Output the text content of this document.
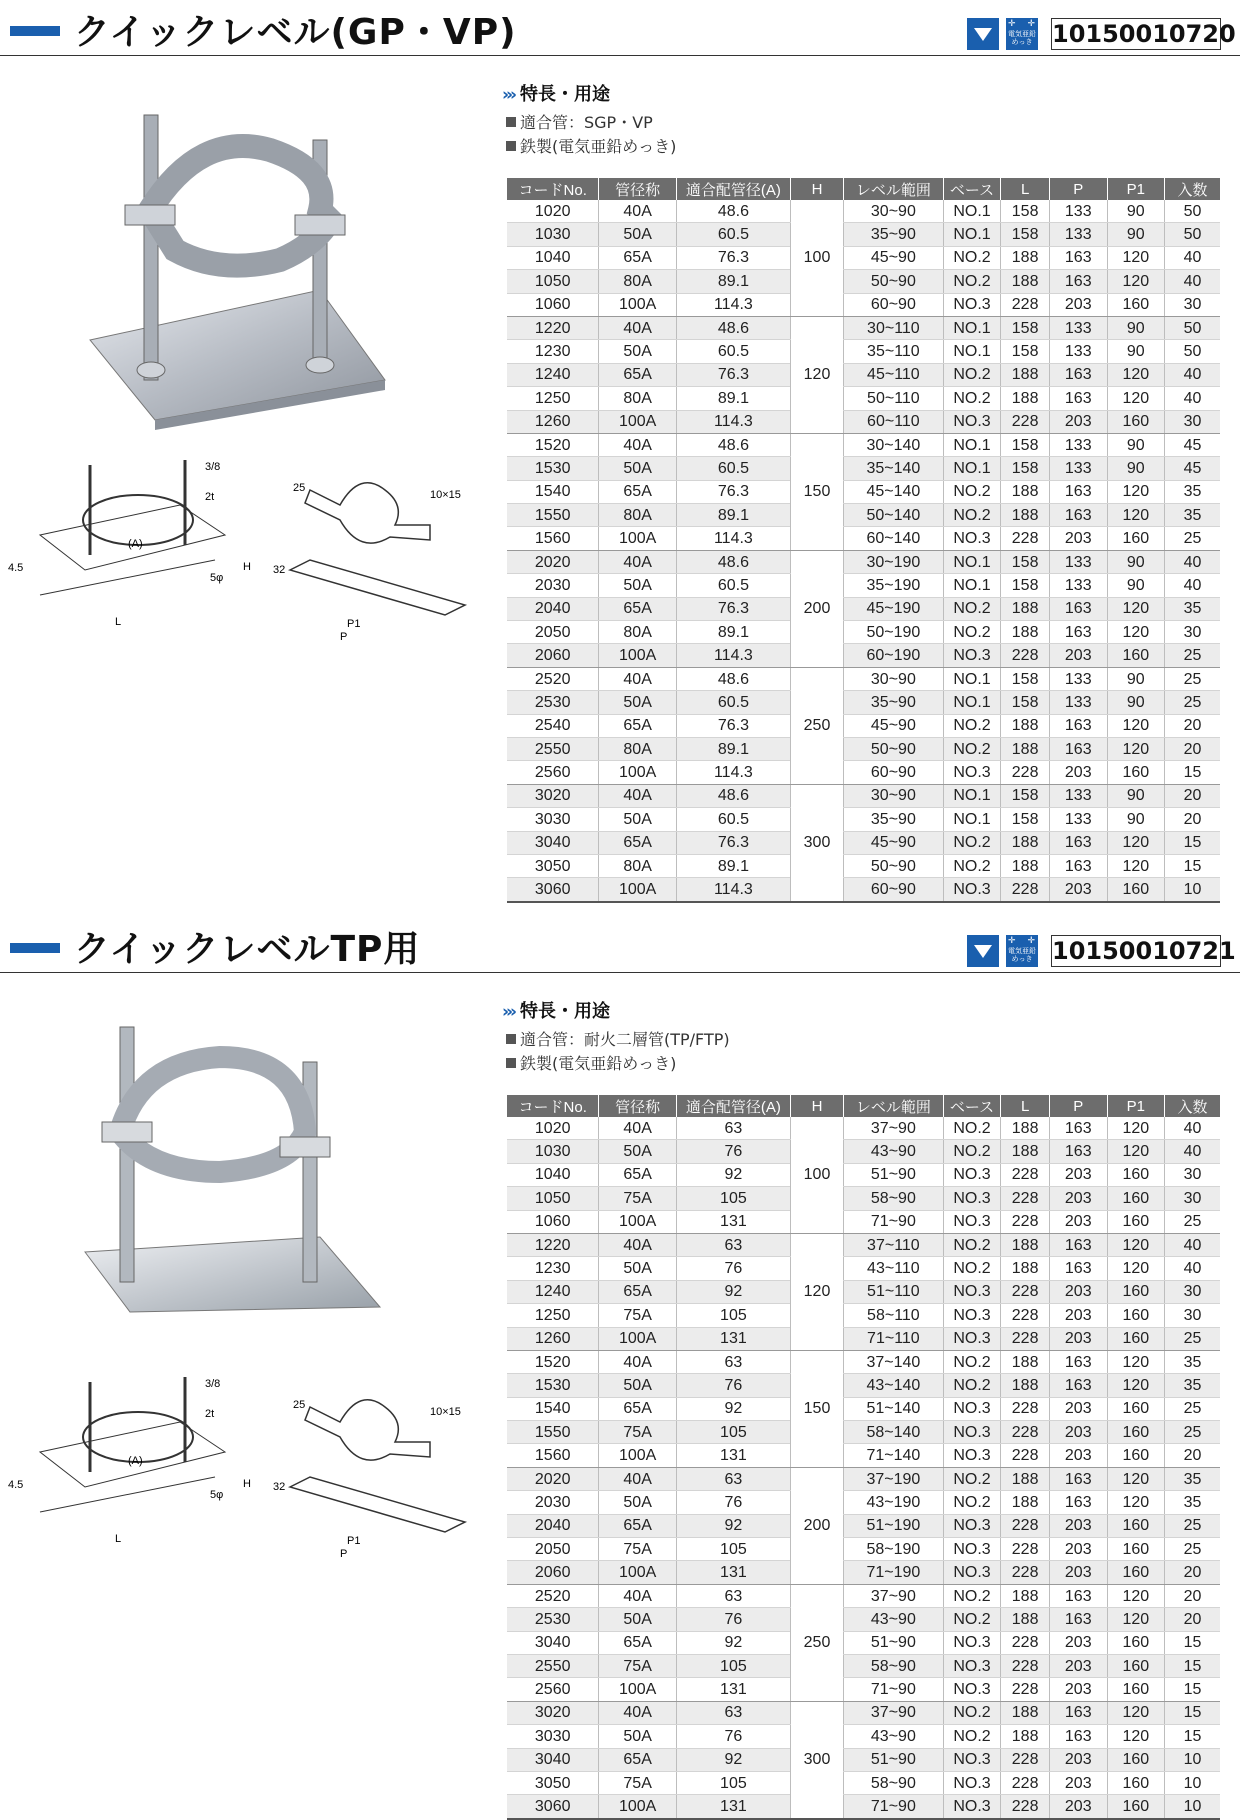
クイックレベル(GP・VP)	✛✛
電気亜鉛
めっき 10150010720
3/8
2t
(A)
4.5
5φ
H
L
25
10×15
32
P1
P
››› 特長・用途
適合管：SGP・VP
鉄製(電気亜鉛めっき)
コードNo.	管径称	適合配管径(A)	H	レベル範囲	ベース	L	P	P1	入数
1020	40A	48.6	100	30~90	NO.1	158	133	90	50
1030	50A	60.5		35~90	NO.1	158	133	90	50
1040	65A	76.3		45~90	NO.2	188	163	120	40
1050	80A	89.1		50~90	NO.2	188	163	120	40
1060	100A	114.3		60~90	NO.3	228	203	160	30
1220	40A	48.6	120	30~110	NO.1	158	133	90	50
1230	50A	60.5		35~110	NO.1	158	133	90	50
1240	65A	76.3		45~110	NO.2	188	163	120	40
1250	80A	89.1		50~110	NO.2	188	163	120	40
1260	100A	114.3		60~110	NO.3	228	203	160	30
1520	40A	48.6	150	30~140	NO.1	158	133	90	45
1530	50A	60.5		35~140	NO.1	158	133	90	45
1540	65A	76.3		45~140	NO.2	188	163	120	35
1550	80A	89.1		50~140	NO.2	188	163	120	35
1560	100A	114.3		60~140	NO.3	228	203	160	25
2020	40A	48.6	200	30~190	NO.1	158	133	90	40
2030	50A	60.5		35~190	NO.1	158	133	90	40
2040	65A	76.3		45~190	NO.2	188	163	120	35
2050	80A	89.1		50~190	NO.2	188	163	120	30
2060	100A	114.3		60~190	NO.3	228	203	160	25
2520	40A	48.6	250	30~90	NO.1	158	133	90	25
2530	50A	60.5		35~90	NO.1	158	133	90	25
2540	65A	76.3		45~90	NO.2	188	163	120	20
2550	80A	89.1		50~90	NO.2	188	163	120	20
2560	100A	114.3		60~90	NO.3	228	203	160	15
3020	40A	48.6	300	30~90	NO.1	158	133	90	20
3030	50A	60.5		35~90	NO.1	158	133	90	20
3040	65A	76.3		45~90	NO.2	188	163	120	15
3050	80A	89.1		50~90	NO.2	188	163	120	15
3060	100A	114.3		60~90	NO.3	228	203	160	10
クイックレベルTP用	✛✛
電気亜鉛
めっき 10150010721
3/8
2t
(A)
4.5
5φ
H
L
25
10×15
32
P1
P
››› 特長・用途
適合管：耐火二層管(TP/FTP)
鉄製(電気亜鉛めっき)
コードNo.	管径称	適合配管径(A)	H	レベル範囲	ベース	L	P	P1	入数
1020	40A	63	100	37~90	NO.2	188	163	120	40
1030	50A	76		43~90	NO.2	188	163	120	40
1040	65A	92		51~90	NO.3	228	203	160	30
1050	75A	105		58~90	NO.3	228	203	160	30
1060	100A	131		71~90	NO.3	228	203	160	25
1220	40A	63	120	37~110	NO.2	188	163	120	40
1230	50A	76		43~110	NO.2	188	163	120	40
1240	65A	92		51~110	NO.3	228	203	160	30
1250	75A	105		58~110	NO.3	228	203	160	30
1260	100A	131		71~110	NO.3	228	203	160	25
1520	40A	63	150	37~140	NO.2	188	163	120	35
1530	50A	76		43~140	NO.2	188	163	120	35
1540	65A	92		51~140	NO.3	228	203	160	25
1550	75A	105		58~140	NO.3	228	203	160	25
1560	100A	131		71~140	NO.3	228	203	160	20
2020	40A	63	200	37~190	NO.2	188	163	120	35
2030	50A	76		43~190	NO.2	188	163	120	35
2040	65A	92		51~190	NO.3	228	203	160	25
2050	75A	105		58~190	NO.3	228	203	160	25
2060	100A	131		71~190	NO.3	228	203	160	20
2520	40A	63	250	37~90	NO.2	188	163	120	20
2530	50A	76		43~90	NO.2	188	163	120	20
3040	65A	92		51~90	NO.3	228	203	160	15
2550	75A	105		58~90	NO.3	228	203	160	15
2560	100A	131		71~90	NO.3	228	203	160	15
3020	40A	63	300	37~90	NO.2	188	163	120	15
3030	50A	76		43~90	NO.2	188	163	120	15
3040	65A	92		51~90	NO.3	228	203	160	10
3050	75A	105		58~90	NO.3	228	203	160	10
3060	100A	131		71~90	NO.3	228	203	160	10
